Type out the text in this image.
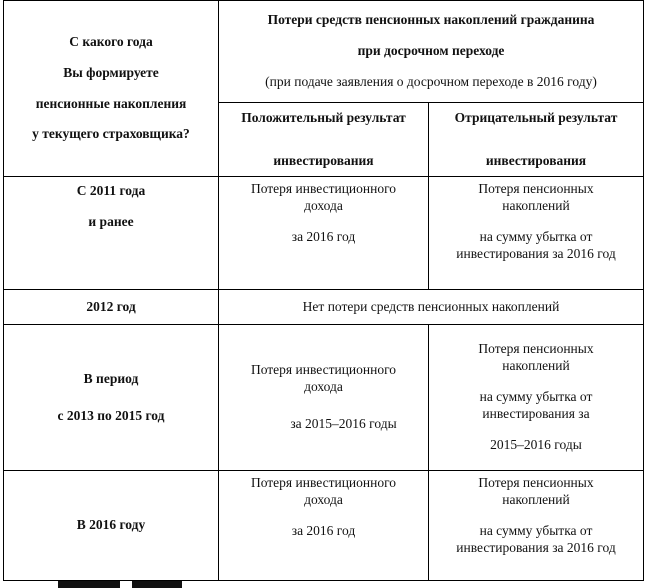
С какого года
Вы формируете
пенсионные накопления
у текущего страховщика?	Потери средств пенсионных накоплений гражданина
при досрочном переходе
(при подаче заявления о досрочном переходе в 2016 году)	

	Положительный результат
инвестирования	Отрицательный результат
инвестирования

С 2011 года
и ранее	Потеря инвестиционного
дохода
за 2016 год	Потеря пенсионных
накоплений
на сумму убытка от
инвестирования за 2016 год

2012 год	Нет потери средств пенсионных накоплений	

В период
с 2013 по 2015 год	Потеря инвестиционного
дохода
за 2015–2016 годы	Потеря пенсионных
накоплений
на сумму убытка от
инвестирования за
2015–2016 годы

В 2016 году	Потеря инвестиционного
дохода
за 2016 год	Потеря пенсионных
накоплений
на сумму убытка от
инвестирования за 2016 год
